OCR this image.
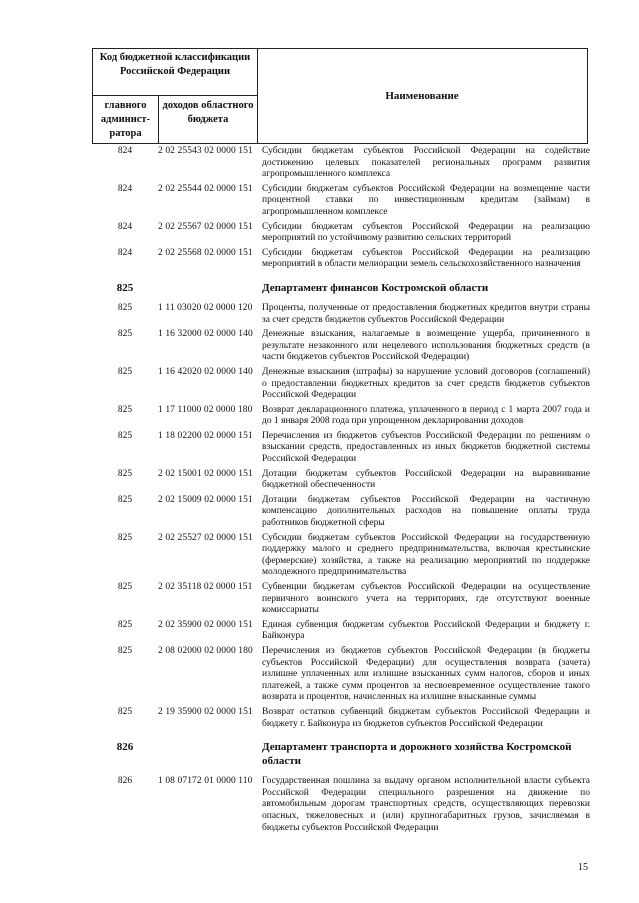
Код бюджетной классификации Российской Федерации
главного админист-ратора
доходов областного бюджета
Наименование
824	2 02 25543 02 0000 151 Субсидии бюджетам субъектов Российской Федерации на содействие достижению целевых показателей региональных программ развития агропромышленного комплекса
824	2 02 25544 02 0000 151 Субсидии бюджетам субъектов Российской Федерации на возмещение части процентной ставки по инвестиционным кредитам (займам) в агропромышленном комплексе
824	2 02 25567 02 0000 151 Субсидии бюджетам субъектов Российской Федерации на реализацию мероприятий по устойчивому развитию сельских территорий
824	2 02 25568 02 0000 151 Субсидии бюджетам субъектов Российской Федерации на реализацию мероприятий в области мелиорации земель сельскохозяйственного назначения
825	Департамент финансов Костромской области
825	1 11 03020 02 0000 120	Проценты, полученные от предоставления бюджетных кредитов внутри страны за счет средств бюджетов субъектов Российской Федерации
825	1 16 32000 02 0000 140 Денежные взыскания, налагаемые в возмещение ущерба, причиненного в результате незаконного или нецелевого использования бюджетных средств (в части бюджетов субъектов Российской Федерации)
825	1 16 42020 02 0000 140 Денежные взыскания (штрафы) за нарушение условий договоров (соглашений) о предоставлении бюджетных кредитов за счет средств бюджетов субъектов Российской Федерации
825	1 17 11000 02 0000 180	Возврат декларационного платежа, уплаченного в период с 1 марта 2007 года и до 1 января 2008 года при упрощенном декларировании доходов
825	1 18 02200 02 0000 151 Перечисления из бюджетов субъектов Российской Федерации по решениям о взыскании средств, предоставленных из иных бюджетов бюджетной системы Российской Федерации
825	2 02 15001 02 0000 151 Дотации бюджетам субъектов Российской Федерации на выравнивание бюджетной обеспеченности
825	2 02 15009 02 0000 151 Дотации бюджетам субъектов Российской Федерации на частичную компенсацию дополнительных расходов на повышение оплаты труда работников бюджетной сферы
825	2 02 25527 02 0000 151 Субсидии бюджетам субъектов Российской Федерации на государственную поддержку малого и среднего предпринимательства, включая крестьянские (фермерские) хозяйства, а также на реализацию мероприятий по поддержке молодежного предпринимательства
825	2 02 35118 02 0000 151	Субвенции бюджетам субъектов Российской Федерации на осуществление первичного воинского учета на территориях, где отсутствуют военные комиссариаты
825	2 02 35900 02 0000 151 Единая субвенция бюджетам субъектов Российской Федерации и бюджету г. Байконура
825	2 08 02000 02 0000 180 Перечисления из бюджетов субъектов Российской Федерации (в бюджеты субъектов Российской Федерации) для осуществления возврата (зачета) излишне уплаченных или излишне взысканных сумм налогов, сборов и иных платежей, а также сумм процентов за несвоевременное осуществление такого возврата и процентов, начисленных на излишне взысканные суммы
825	2 19 35900 02 0000 151 Возврат остатков субвенций бюджетам субъектов Российской Федерации и бюджету г. Байконура из бюджетов субъектов Российской Федерации
826	Департамент транспорта и дорожного хозяйства Костромской области
826	1 08 07172 01 0000 110	Государственная пошлина за выдачу органом исполнительной власти субъекта Российской Федерации специального разрешения на движение по автомобильным дорогам транспортных средств, осуществляющих перевозки опасных, тяжеловесных и (или) крупногабаритных грузов, зачисляемая в бюджеты субъектов Российской Федерации
15
